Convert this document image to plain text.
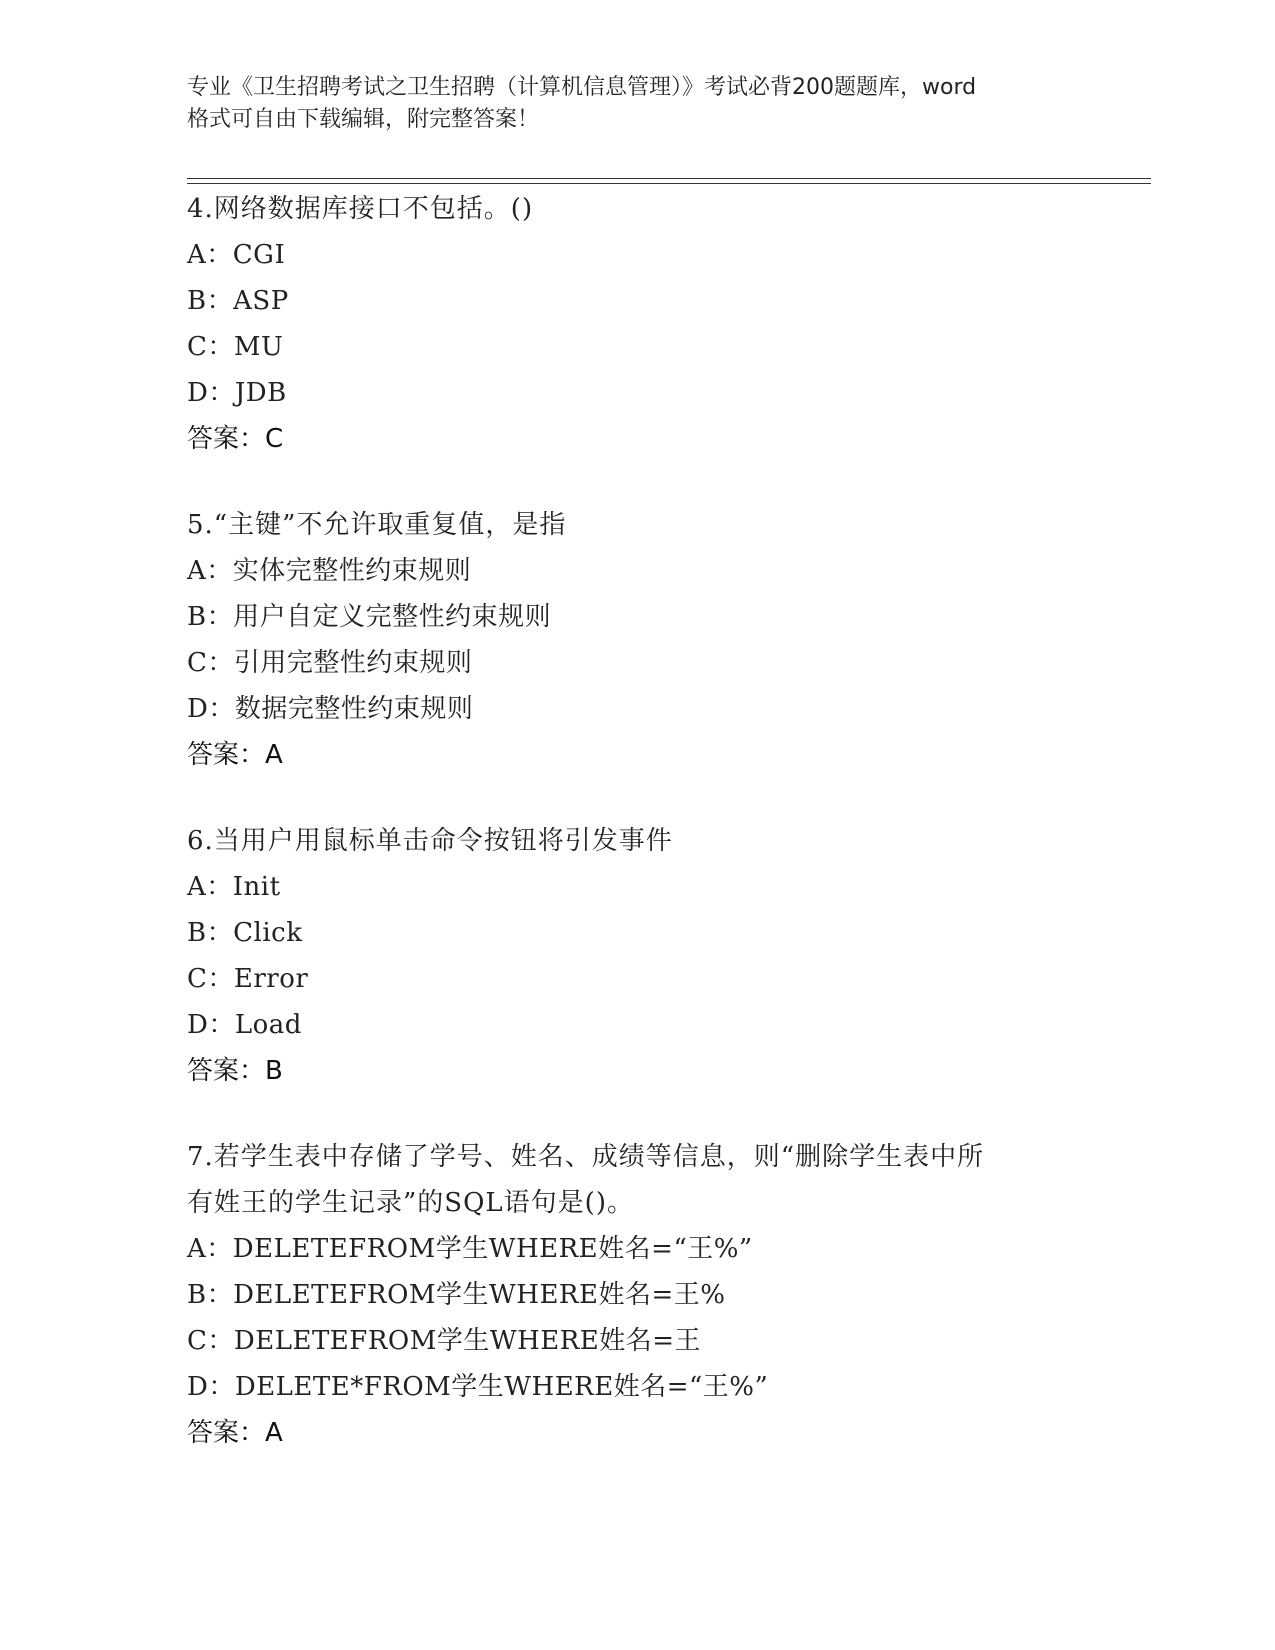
专业《卫生招聘考试之卫生招聘（计算机信息管理）》考试必背200题题库，word
格式可自由下载编辑，附完整答案！
4.网络数据库接口不包括。()
A：CGI
B：ASP
C：MU
D：JDB
答案：C
5.“主键”不允许取重复值，是指
A：实体完整性约束规则
B：用户自定义完整性约束规则
C：引用完整性约束规则
D：数据完整性约束规则
答案：A
6.当用户用鼠标单击命令按钮将引发事件
A：Init
B：Click
C：Error
D：Load
答案：B
7.若学生表中存储了学号、姓名、成绩等信息，则“删除学生表中所
有姓王的学生记录”的SQL语句是()。
A：DELETEFROM学生WHERE姓名=“王%”
B：DELETEFROM学生WHERE姓名=王%
C：DELETEFROM学生WHERE姓名=王
D：DELETE*FROM学生WHERE姓名=“王%”
答案：A
